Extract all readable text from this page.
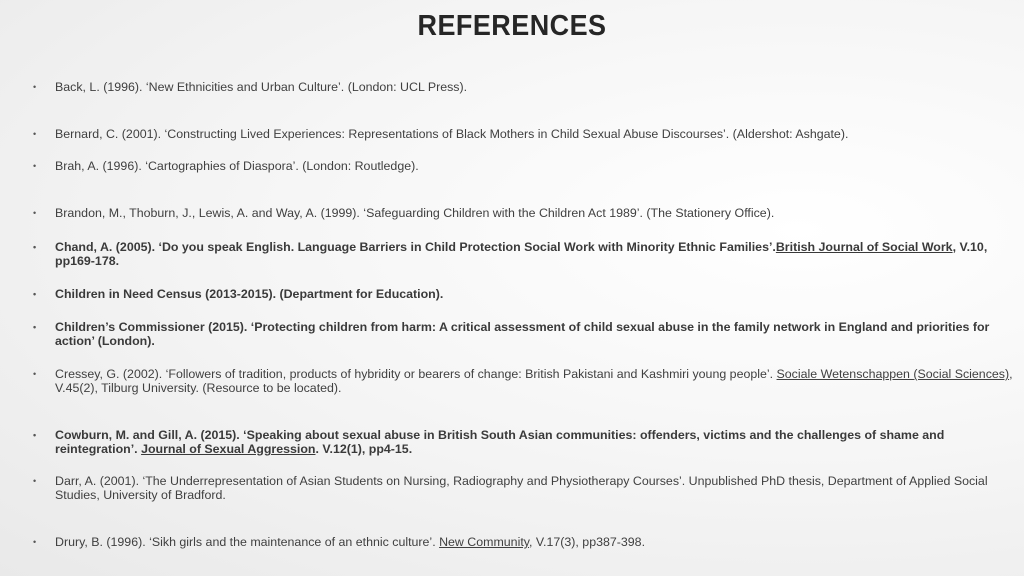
REFERENCES
• Back, L. (1996). ‘New Ethnicities and Urban Culture’. (London: UCL Press).
• Bernard, C. (2001). ‘Constructing Lived Experiences: Representations of Black Mothers in Child Sexual Abuse Discourses’. (Aldershot: Ashgate).
• Brah, A. (1996). ‘Cartographies of Diaspora’. (London: Routledge).
• Brandon, M., Thoburn, J., Lewis, A. and Way, A. (1999). ‘Safeguarding Children with the Children Act 1989’. (The Stationery Office).
• Chand, A. (2005). ‘Do you speak English. Language Barriers in Child Protection Social Work with Minority Ethnic Families’.British Journal of Social Work, V.10, pp169-178.
• Children in Need Census (2013-2015). (Department for Education).
• Children’s Commissioner (2015). ‘Protecting children from harm: A critical assessment of child sexual abuse in the family network in England and priorities for action’ (London).
• Cressey, G. (2002). ‘Followers of tradition, products of hybridity or bearers of change: British Pakistani and Kashmiri young people’. Sociale Wetenschappen (Social Sciences), V.45(2), Tilburg University. (Resource to be located).
• Cowburn, M. and Gill, A. (2015). ‘Speaking about sexual abuse in British South Asian communities: offenders, victims and the challenges of shame and reintegration’. Journal of Sexual Aggression. V.12(1), pp4-15.
• Darr, A. (2001). ‘The Underrepresentation of Asian Students on Nursing, Radiography and Physiotherapy Courses’. Unpublished PhD thesis, Department of Applied Social Studies, University of Bradford.
• Drury, B. (1996). ‘Sikh girls and the maintenance of an ethnic culture’. New Community, V.17(3), pp387-398.
